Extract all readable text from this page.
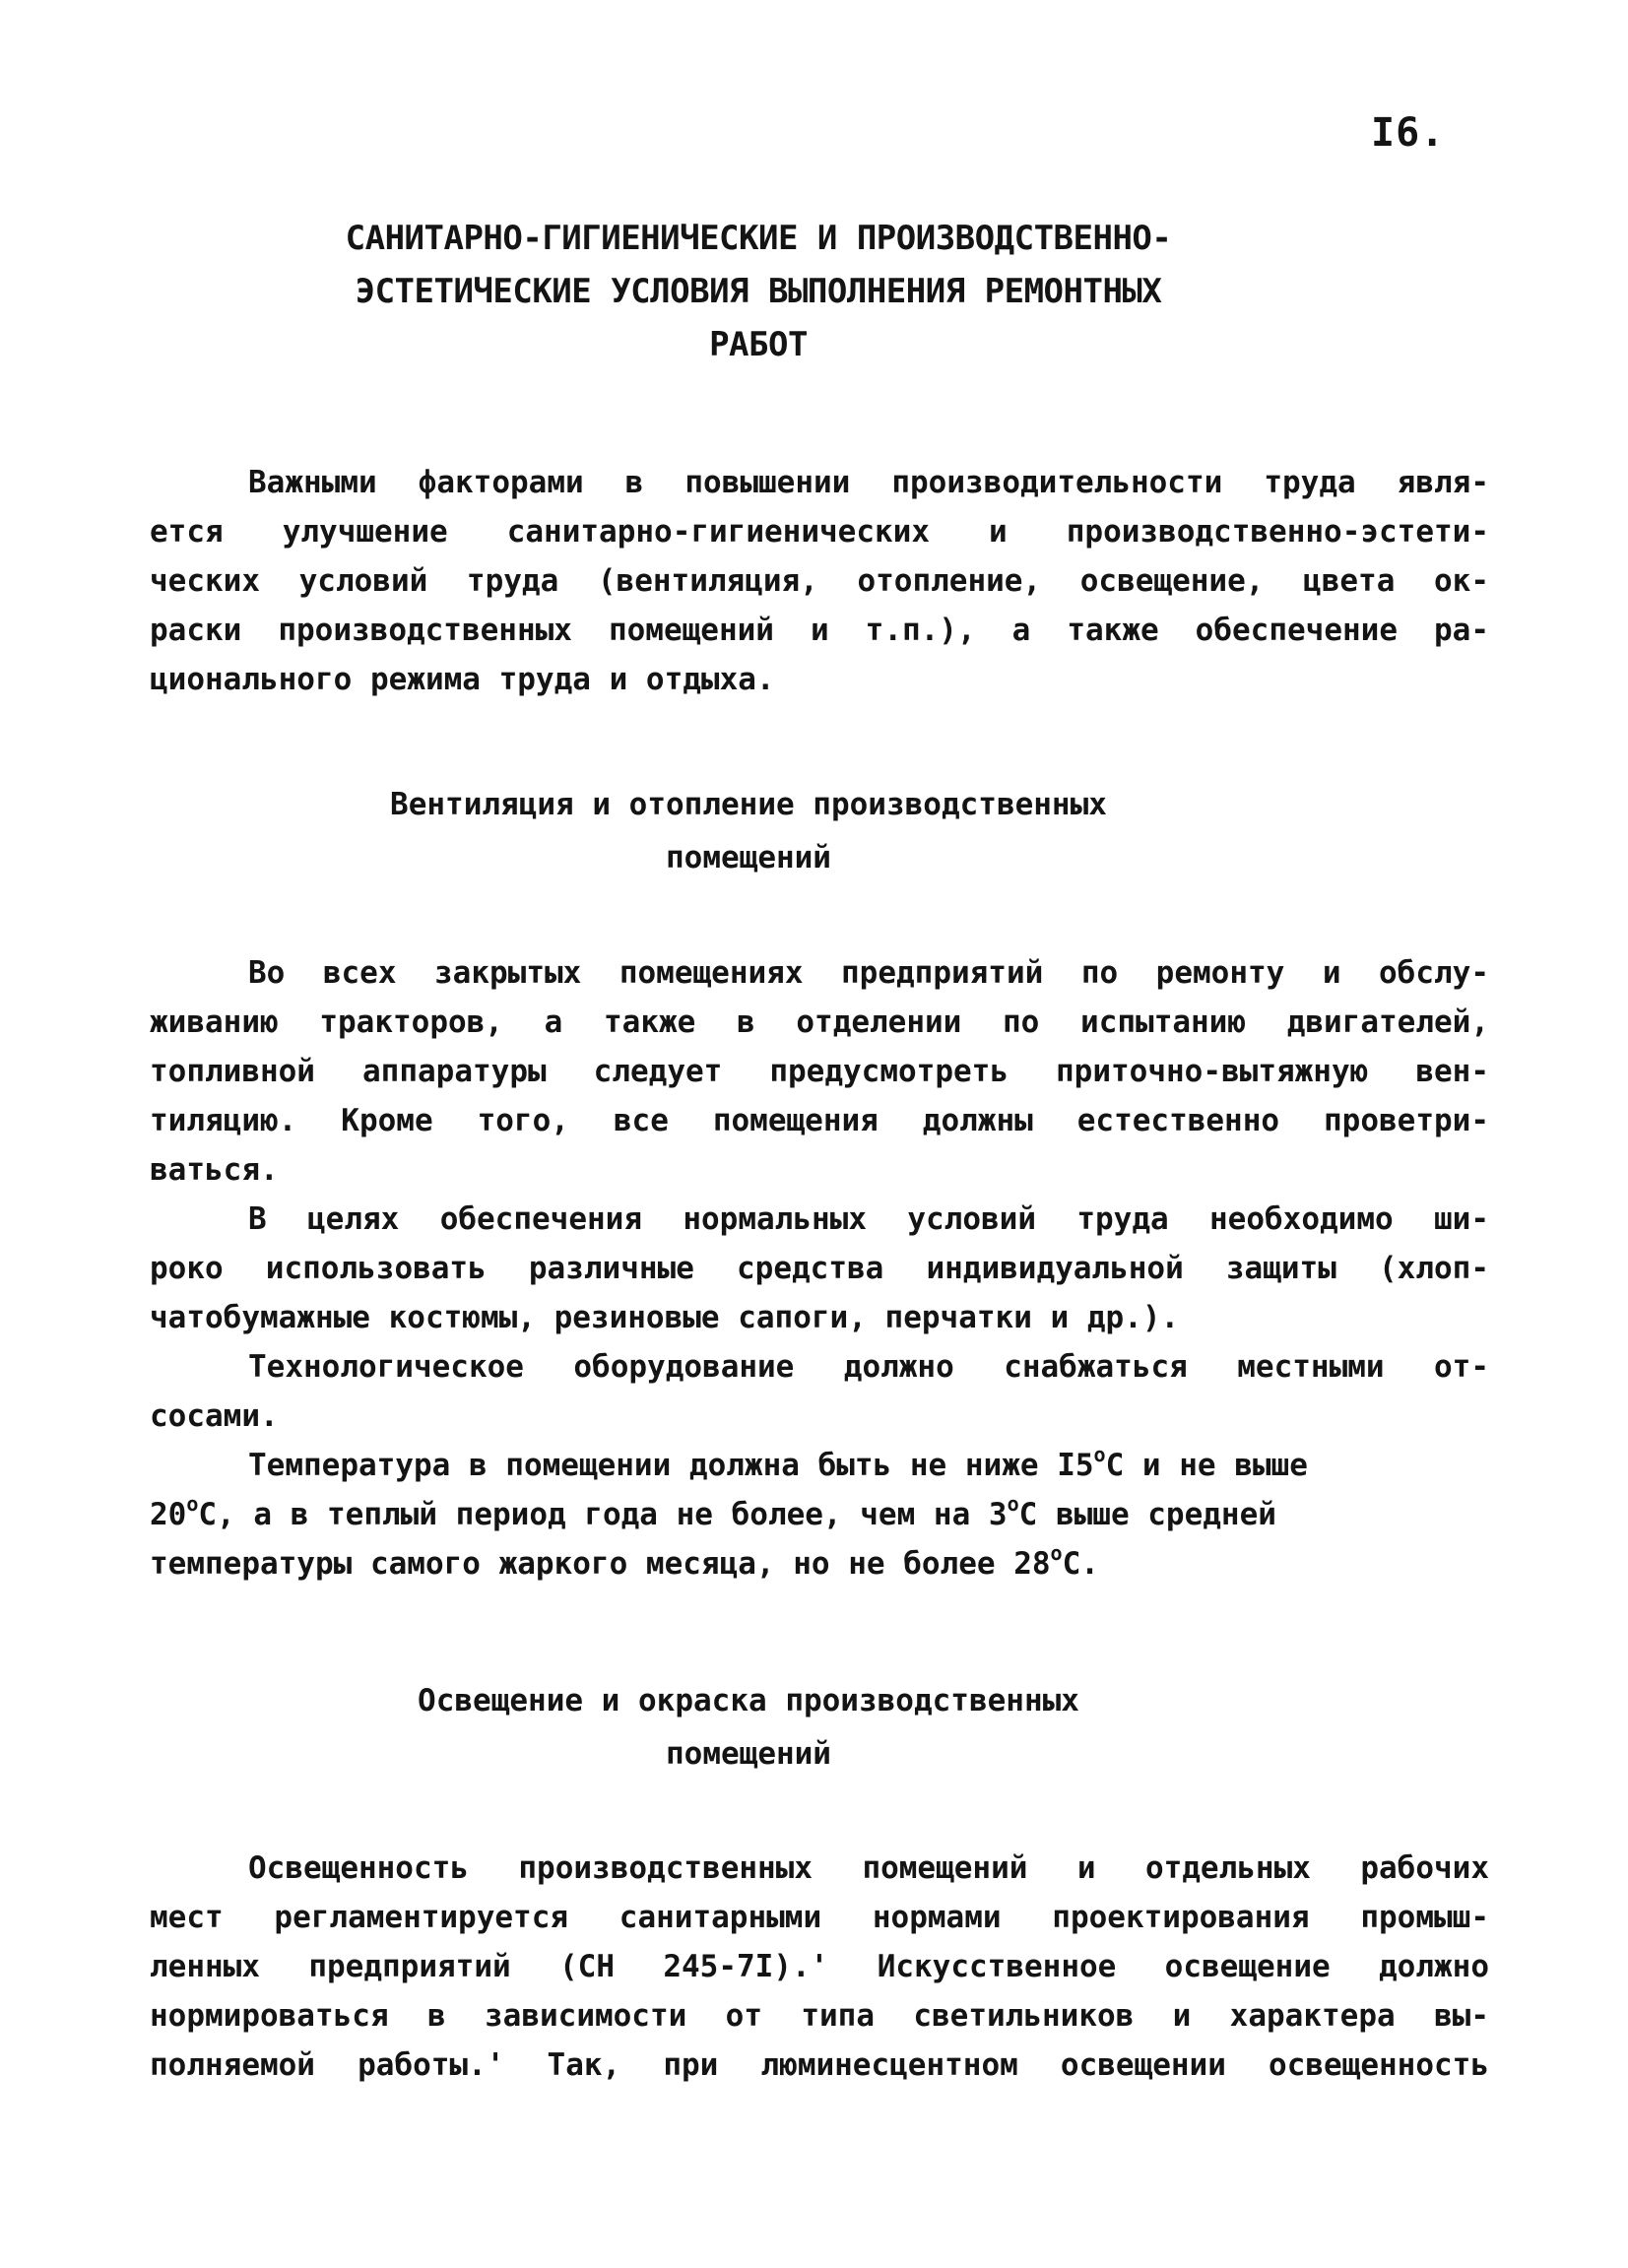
I6.
САНИТАРНО-ГИГИЕНИЧЕСКИЕ И ПРОИЗВОДСТВЕННО-
ЭСТЕТИЧЕСКИЕ УСЛОВИЯ ВЫПОЛНЕНИЯ РЕМОНТНЫХ
РАБОТ
Важными факторами в повышении производительности труда явля-
ется улучшение санитарно-гигиенических и производственно-эстети-
ческих условий труда (вентиляция, отопление, освещение, цвета ок-
раски производственных помещений и т.п.), а также обеспечение ра-
ционального режима труда и отдыха.
Вентиляция и отопление производственных
помещений
Во всех закрытых помещениях предприятий по ремонту и обслу-
живанию тракторов, а также в отделении по испытанию двигателей,
топливной аппаратуры следует предусмотреть приточно-вытяжную вен-
тиляцию. Кроме того, все помещения должны естественно проветри-
ваться.
В целях обеспечения нормальных условий труда необходимо ши-
роко использовать различные средства индивидуальной защиты (хлоп-
чатобумажные костюмы, резиновые сапоги, перчатки и др.).
Технологическое оборудование должно снабжаться местными от-
сосами.
Температура в помещении должна быть не ниже I5$^o$С и не выше
20$^o$С, а в теплый период года не более, чем на 3$^o$С выше средней
температуры самого жаркого месяца, но не более 28$^o$С.
Освещение и окраска производственных
помещений
Освещенность производственных помещений и отдельных рабочих
мест регламентируется санитарными нормами проектирования промыш-
ленных предприятий (СН 245-7I).' Искусственное освещение должно
нормироваться в зависимости от типа светильников и характера вы-
полняемой работы.' Так, при люминесцентном освещении освещенность
